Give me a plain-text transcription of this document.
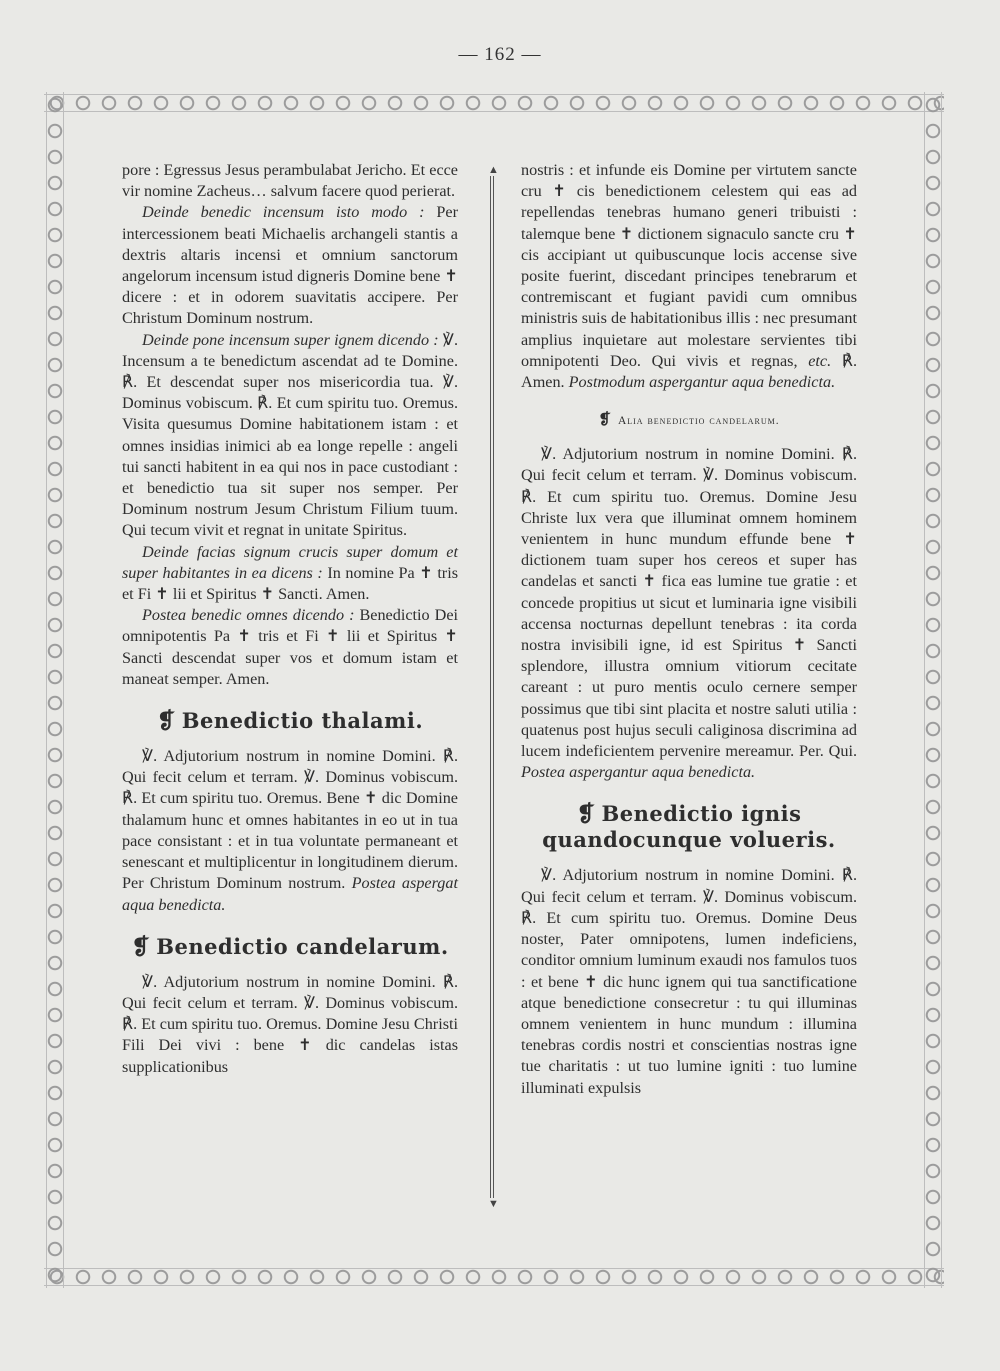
— 162 —

pore : Egressus Jesus perambulabat Jericho. Et ecce vir nomine Zacheus… salvum facere quod perierat.

Deinde benedic incensum isto modo : Per intercessionem beati Michaelis archangeli stantis a dextris altaris incensi et omnium sanctorum angelorum incensum istud digneris Domine bene ✝ dicere : et in odorem suavitatis accipere. Per Christum Dominum nostrum.

Deinde pone incensum super ignem dicendo : ℣. Incensum a te benedictum ascendat ad te Domine. ℟. Et descendat super nos misericordia tua. ℣. Dominus vobiscum. ℟. Et cum spiritu tuo. Oremus. Visita quesumus Domine habitationem istam : et omnes insidias inimici ab ea longe repelle : angeli tui sancti habitent in ea qui nos in pace custodiant : et benedictio tua sit super nos semper. Per Dominum nostrum Jesum Christum Filium tuum. Qui tecum vivit et regnat in unitate Spiritus.

Deinde facias signum crucis super domum et super habitantes in ea dicens : In nomine Pa ✝ tris et Fi ✝ lii et Spiritus ✝ Sancti. Amen.

Postea benedic omnes dicendo : Benedictio Dei omnipotentis Pa ✝ tris et Fi ✝ lii et Spiritus ✝ Sancti descendat super vos et domum istam et maneat semper. Amen.

❡ Benedictio thalami.

℣. Adjutorium nostrum in nomine Domini. ℟. Qui fecit celum et terram. ℣. Dominus vobiscum. ℟. Et cum spiritu tuo. Oremus. Bene ✝ dic Domine thalamum hunc et omnes habitantes in eo ut in tua pace consistant : et in tua voluntate permaneant et senescant et multiplicentur in longitudinem dierum. Per Christum Dominum nostrum. Postea aspergat aqua benedicta.

❡ Benedictio candelarum.

℣. Adjutorium nostrum in nomine Domini. ℟. Qui fecit celum et terram. ℣. Dominus vobiscum. ℟. Et cum spiritu tuo. Oremus. Domine Jesu Christi Fili Dei vivi : bene ✝ dic candelas istas supplicationibus

▲
▼

nostris : et infunde eis Domine per virtutem sancte cru ✝ cis benedictionem celestem qui eas ad repellendas tenebras humano generi tribuisti : talemque bene ✝ dictionem signaculo sancte cru ✝ cis accipiant ut quibuscunque locis accense sive posite fuerint, discedant principes tenebrarum et contremiscant et fugiant pavidi cum omnibus ministris suis de habitationibus illis : nec presumant amplius inquietare aut molestare servientes tibi omnipotenti Deo. Qui vivis et regnas, etc. ℟. Amen. Postmodum aspergantur aqua benedicta.

❡ Alia benedictio candelarum.

℣. Adjutorium nostrum in nomine Domini. ℟. Qui fecit celum et terram. ℣. Dominus vobiscum. ℟. Et cum spiritu tuo. Oremus. Domine Jesu Christe lux vera que illuminat omnem hominem venientem in hunc mundum effunde bene ✝ dictionem tuam super hos cereos et super has candelas et sancti ✝ fica eas lumine tue gratie : et concede propitius ut sicut et luminaria igne visibili accensa nocturnas depellunt tenebras : ita corda nostra invisibili igne, id est Spiritus ✝ Sancti splendore, illustra omnium vitiorum cecitate careant : ut puro mentis oculo cernere semper possimus que tibi sint placita et nostre saluti utilia : quatenus post hujus seculi caliginosa discrimina ad lucem indeficientem pervenire mereamur. Per. Qui. Postea aspergantur aqua benedicta.

❡ Benedictio ignis quandocunque volueris.

℣. Adjutorium nostrum in nomine Domini. ℟. Qui fecit celum et terram. ℣. Dominus vobiscum. ℟. Et cum spiritu tuo. Oremus. Domine Deus noster, Pater omnipotens, lumen indeficiens, conditor omnium luminum exaudi nos famulos tuos : et bene ✝ dic hunc ignem qui tua sanctificatione atque benedictione consecretur : tu qui illuminas omnem venientem in hunc mundum : illumina tenebras cordis nostri et conscientias nostras igne tue charitatis : ut tuo lumine igniti : tuo lumine illuminati expulsis
